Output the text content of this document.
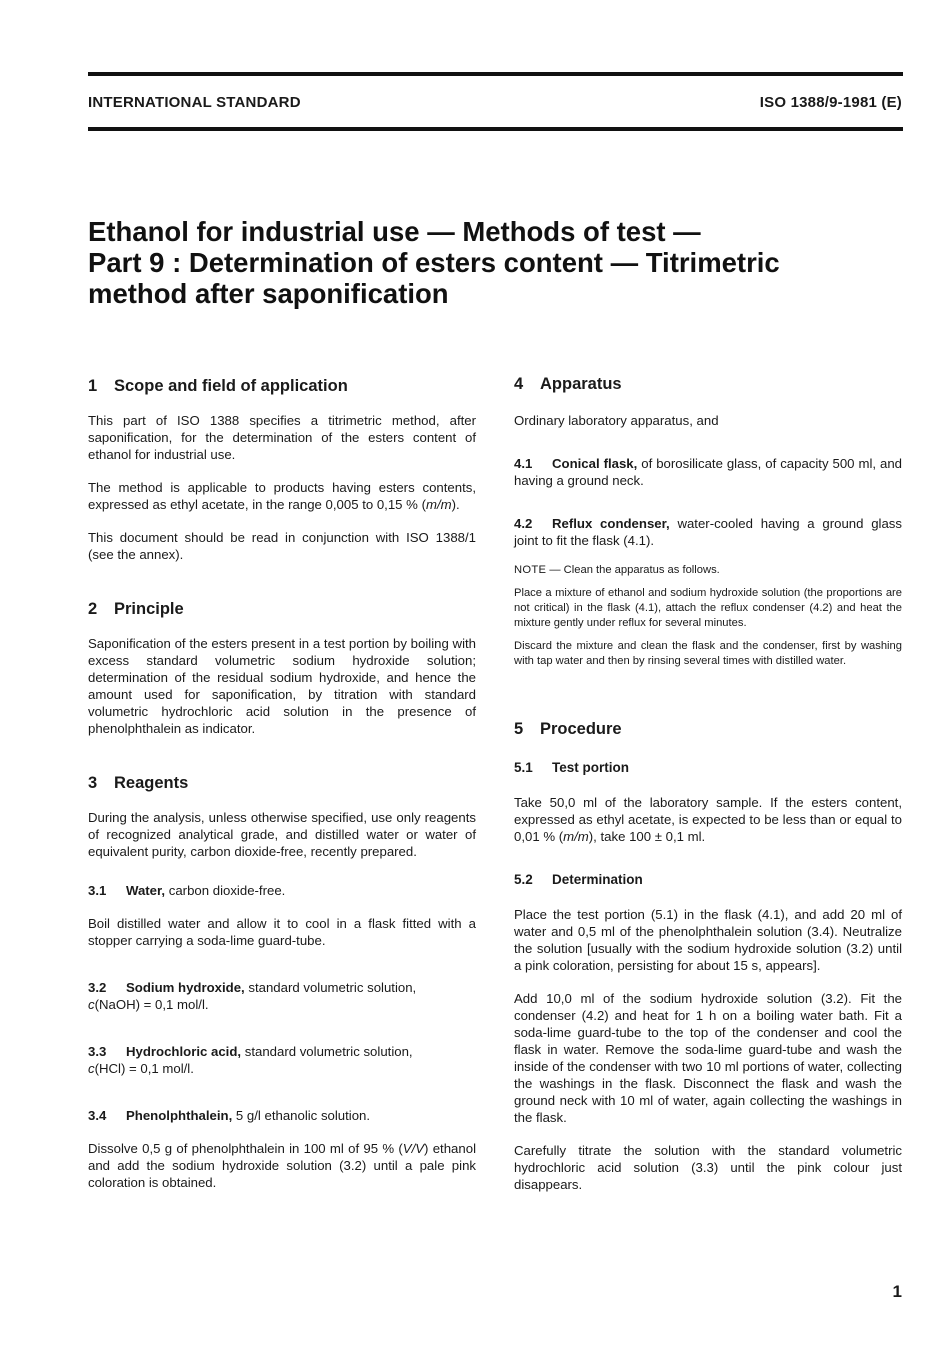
INTERNATIONAL STANDARD	ISO 1388/9-1981 (E)
Ethanol for industrial use — Methods of test —
Part 9 : Determination of esters content — Titrimetric
method after saponification
1 Scope and field of application

This part of ISO 1388 specifies a titrimetric method, after saponification, for the determination of the esters content of ethanol for industrial use.

The method is applicable to products having esters contents, expressed as ethyl acetate, in the range 0,005 to 0,15 % (m/m).

This document should be read in conjunction with ISO 1388/1 (see the annex).

2 Principle

Saponification of the esters present in a test portion by boiling with excess standard volumetric sodium hydroxide solution; determination of the residual sodium hydroxide, and hence the amount used for saponification, by titration with standard volumetric hydrochloric acid solution in the presence of phenolphthalein as indicator.

3 Reagents

During the analysis, unless otherwise specified, use only reagents of recognized analytical grade, and distilled water or water of equivalent purity, carbon dioxide-free, recently prepared.

3.1 Water, carbon dioxide-free.

Boil distilled water and allow it to cool in a flask fitted with a stopper carrying a soda-lime guard-tube.

3.2 Sodium hydroxide, standard volumetric solution,
c(NaOH) = 0,1 mol/l.

3.3 Hydrochloric acid, standard volumetric solution,
c(HCl) = 0,1 mol/l.

3.4 Phenolphthalein, 5 g/l ethanolic solution.

Dissolve 0,5 g of phenolphthalein in 100 ml of 95 % (V/V) ethanol and add the sodium hydroxide solution (3.2) until a pale pink coloration is obtained.

4 Apparatus

Ordinary laboratory apparatus, and

4.1 Conical flask, of borosilicate glass, of capacity 500 ml, and having a ground neck.

4.2 Reflux condenser, water-cooled having a ground glass joint to fit the flask (4.1).

NOTE — Clean the apparatus as follows.

Place a mixture of ethanol and sodium hydroxide solution (the proportions are not critical) in the flask (4.1), attach the reflux condenser (4.2) and heat the mixture gently under reflux for several minutes.

Discard the mixture and clean the flask and the condenser, first by washing with tap water and then by rinsing several times with distilled water.

5 Procedure
5.1 Test portion

Take 50,0 ml of the laboratory sample. If the esters content, expressed as ethyl acetate, is expected to be less than or equal to 0,01 % (m/m), take 100 ± 0,1 ml.

5.2 Determination

Place the test portion (5.1) in the flask (4.1), and add 20 ml of water and 0,5 ml of the phenolphthalein solution (3.4). Neutralize the solution [usually with the sodium hydroxide solution (3.2) until a pink coloration, persisting for about 15 s, appears].

Add 10,0 ml of the sodium hydroxide solution (3.2). Fit the condenser (4.2) and heat for 1 h on a boiling water bath. Fit a soda-lime guard-tube to the top of the condenser and cool the flask in water. Remove the soda-lime guard-tube and wash the inside of the condenser with two 10 ml portions of water, collecting the washings in the flask. Disconnect the flask and wash the ground neck with 10 ml of water, again collecting the washings in the flask.

Carefully titrate the solution with the standard volumetric hydrochloric acid solution (3.3) until the pink colour just disappears.

1
